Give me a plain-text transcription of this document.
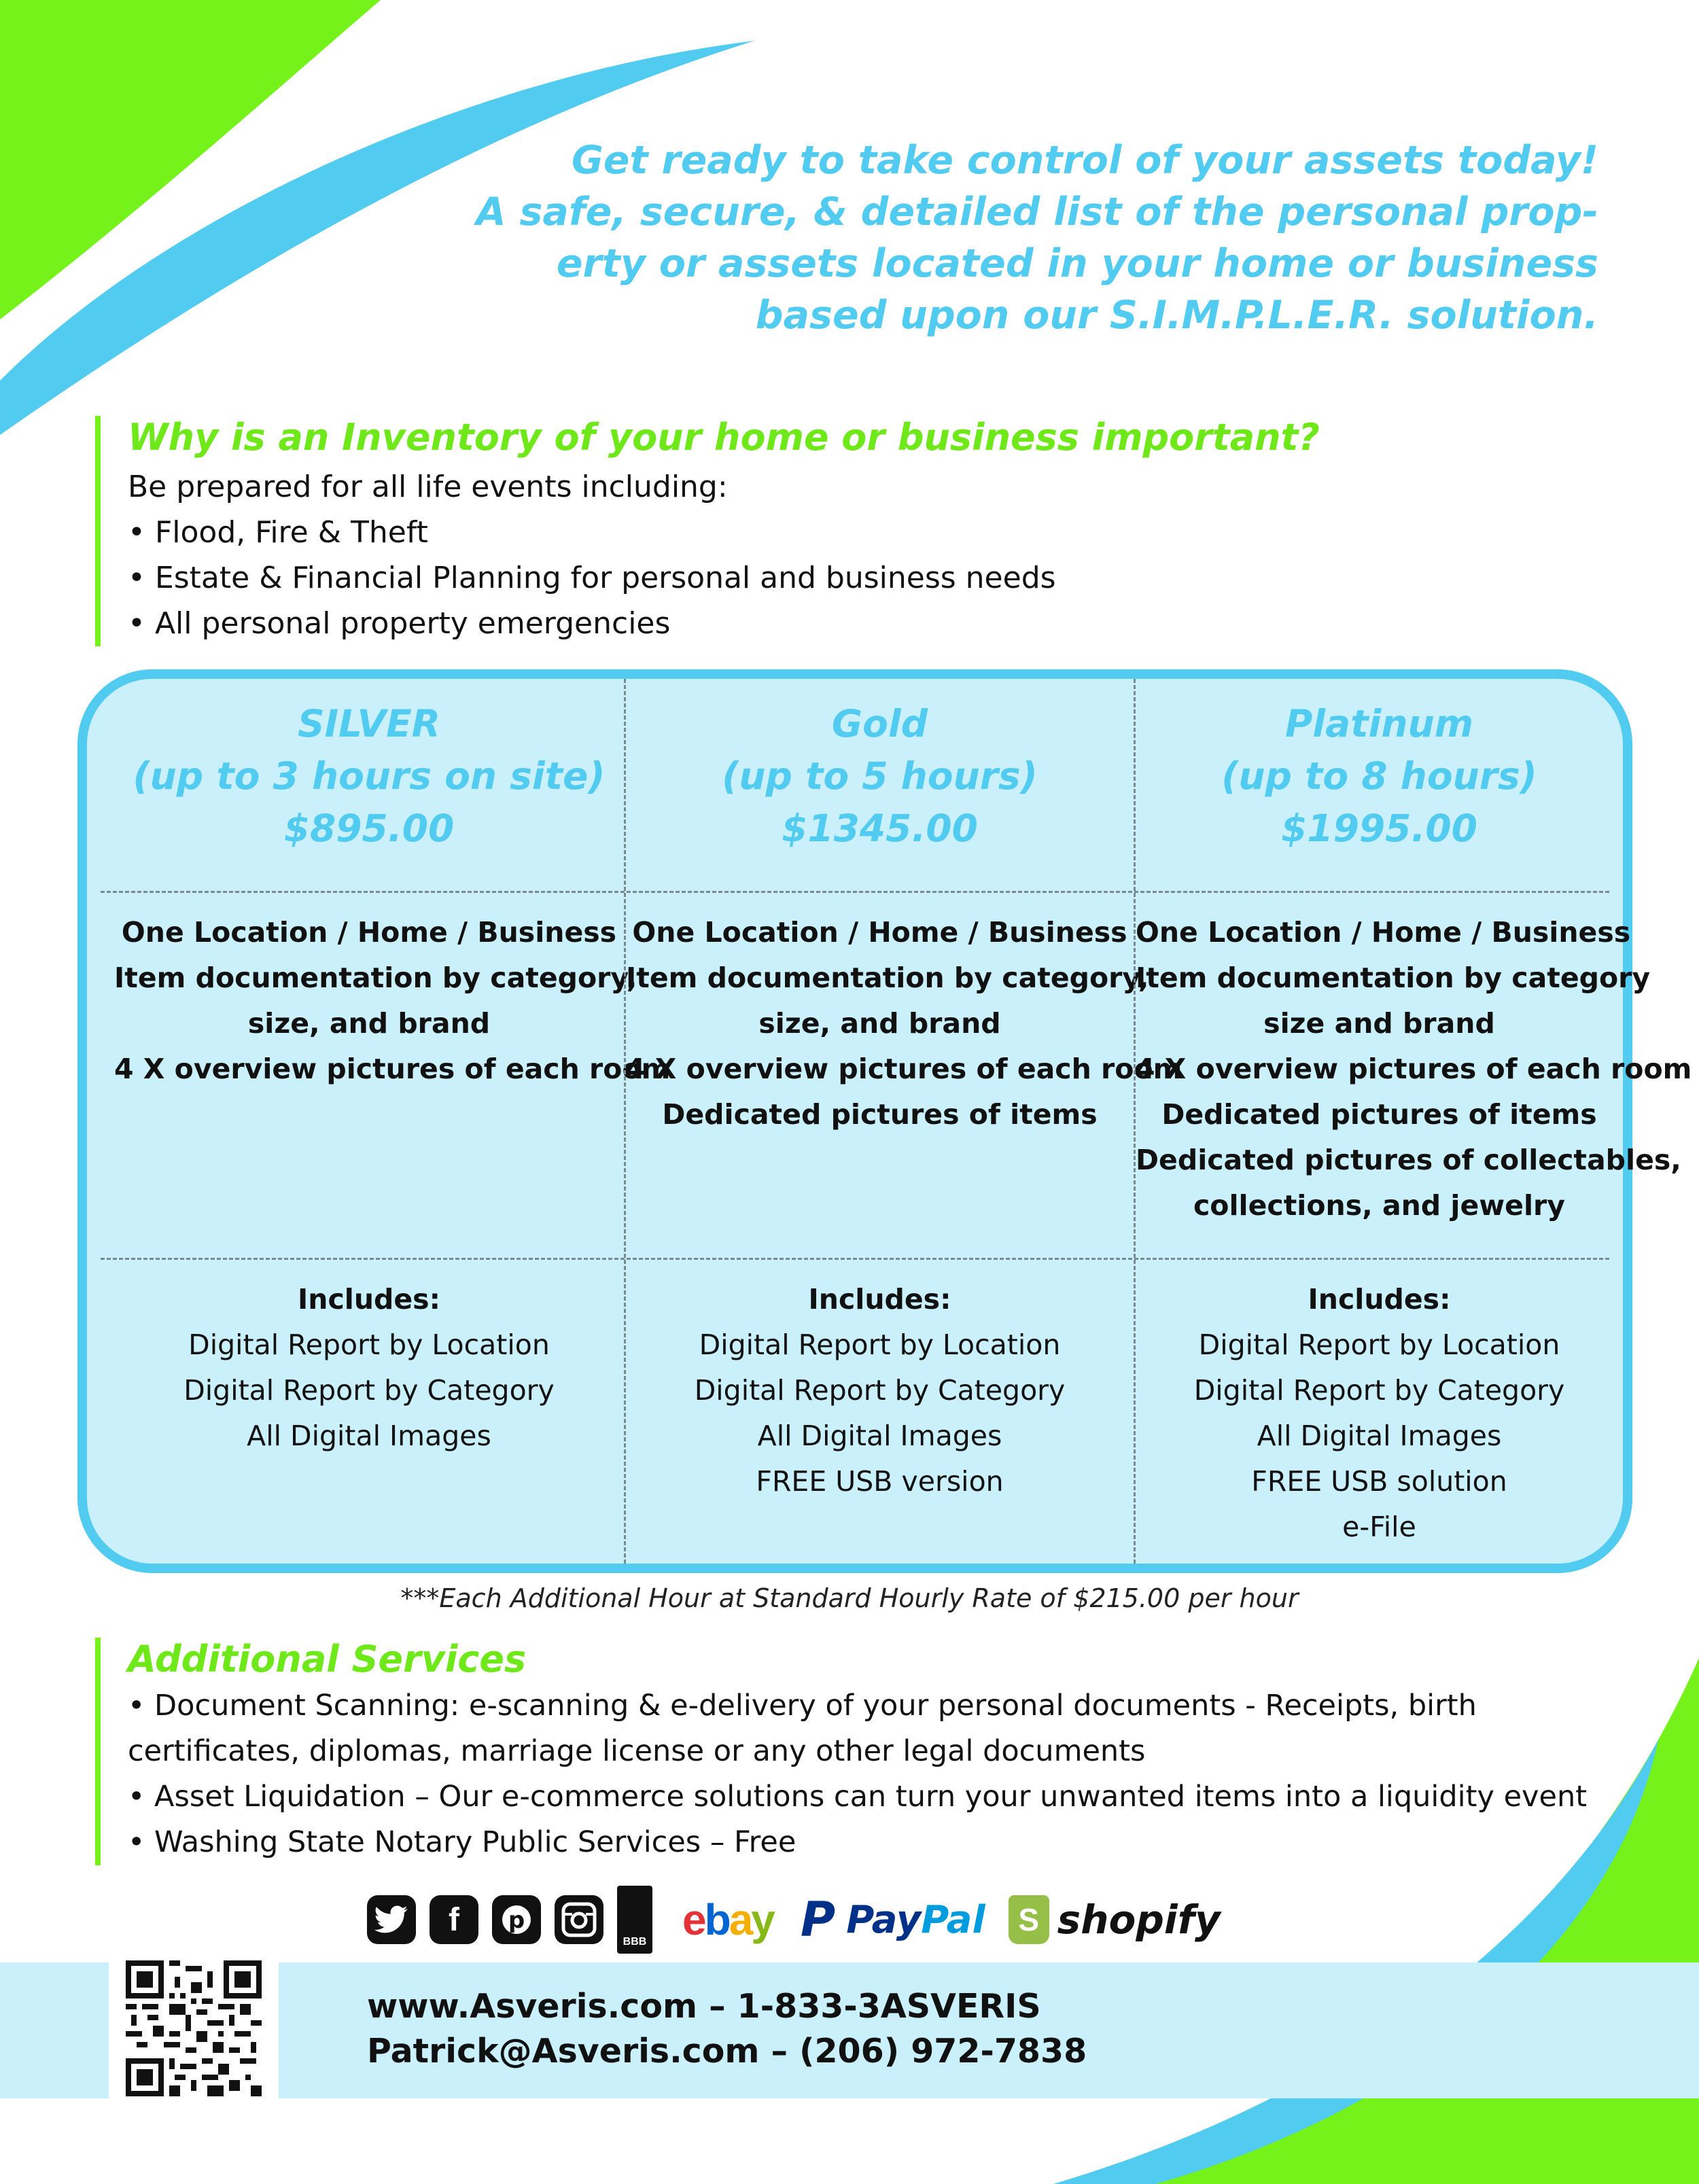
Get ready to take control of your assets today!
A safe, secure, & detailed list of the personal prop-
erty or assets located in your home or business
based upon our S.I.M.P.L.E.R. solution.
Why is an Inventory of your home or business important?

Be prepared for all life events including:

• Flood, Fire & Theft
• Estate & Financial Planning for personal and business needs
• All personal property emergencies
SILVER
(up to 3 hours on site)
$895.00
One Location / Home / Business
Item documentation by category,
size, and brand
4 X overview pictures of each room
Includes:
Digital Report by Location
Digital Report by Category
All Digital Images
Gold
(up to 5 hours)
$1345.00
One Location / Home / Business
Item documentation by category,
size, and brand
4 X overview pictures of each room
Dedicated pictures of items
Includes:
Digital Report by Location
Digital Report by Category
All Digital Images
FREE USB version
Platinum
(up to 8 hours)
$1995.00
One Location / Home / Business
Item documentation by category
size and brand
4 X overview pictures of each room
Dedicated pictures of items
Dedicated pictures of collectables,
collections, and jewelry
Includes:
Digital Report by Location
Digital Report by Category
All Digital Images
FREE USB solution
e-File
***Each Additional Hour at Standard Hourly Rate of $215.00 per hour
Additional Services
• Document Scanning: e-scanning & e-delivery of your personal documents - Receipts, birth certificates, diplomas, marriage license or any other legal documents
• Asset Liquidation – Our e-commerce solutions can turn your unwanted items into a liquidity event
• Washing State Notary Public Services – Free
f	p
BBB ebay P Pay Pal	S shopify
www.Asveris.com – 1-833-3ASVERIS
Patrick@Asveris.com – (206) 972-7838
